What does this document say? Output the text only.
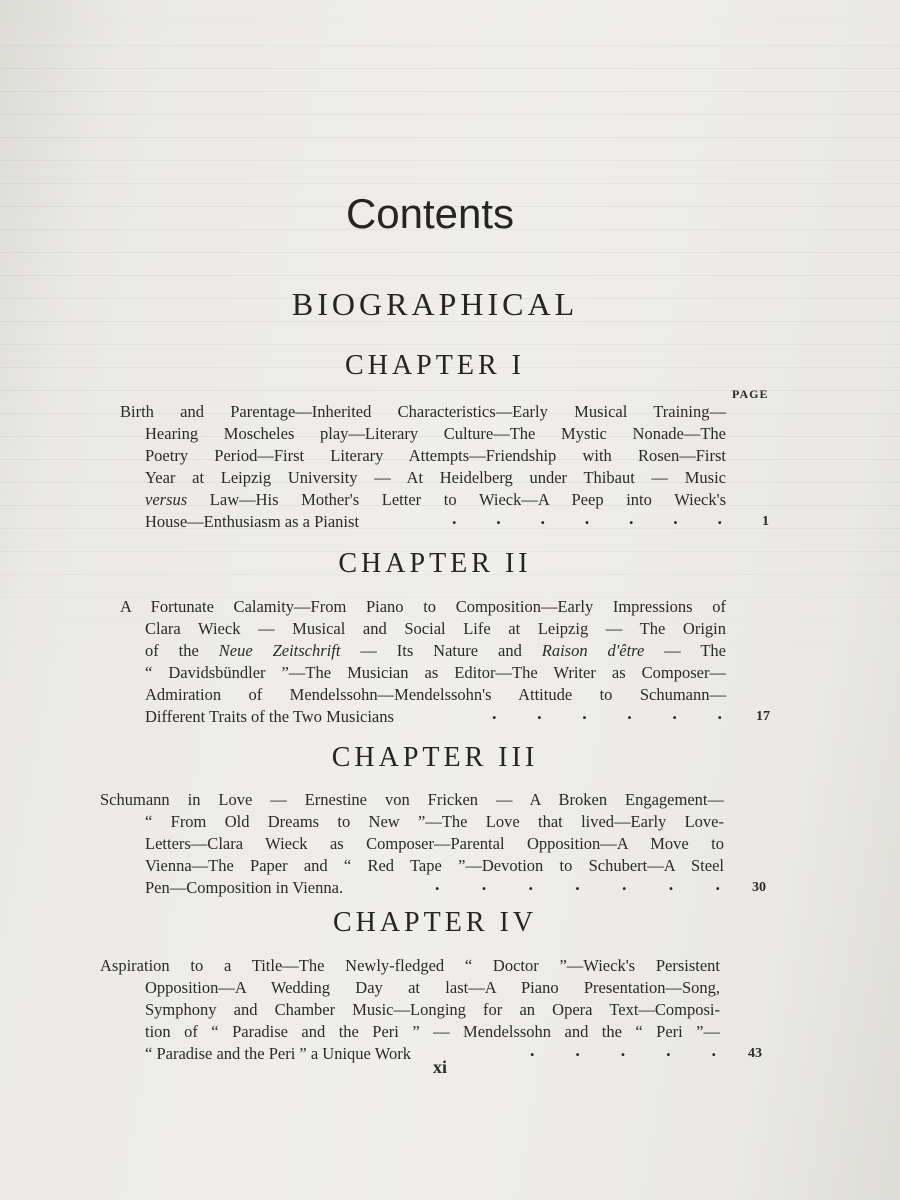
Contents
BIOGRAPHICAL
CHAPTER I
PAGE
Birth and Parentage—Inherited Characteristics—Early Musical Training—
Hearing Moscheles play—Literary Culture—The Mystic Nonade—The
Poetry Period—First Literary Attempts—Friendship with Rosen—First
Year at Leipzig University — At Heidelberg under Thibaut — Music
versus Law—His Mother's Letter to Wieck—A Peep into Wieck's
House—Enthusiasm as a Pianist	. . . . . . .	1
CHAPTER II
A Fortunate Calamity—From Piano to Composition—Early Impressions of
Clara Wieck — Musical and Social Life at Leipzig — The Origin
of the Neue Zeitschrift — Its Nature and Raison d'être — The
“ Davidsbündler ”—The Musician as Editor—The Writer as Composer—
Admiration of Mendelssohn—Mendelssohn's Attitude to Schumann—
Different Traits of the Two Musicians	. . . . . . 17
CHAPTER III
Schumann in Love — Ernestine von Fricken — A Broken Engagement—
“ From Old Dreams to New ”—The Love that lived—Early Love-
Letters—Clara Wieck as Composer—Parental Opposition—A Move to
Vienna—The Paper and “ Red Tape ”—Devotion to Schubert—A Steel
Pen—Composition in Vienna.	. . . . . . . 30
CHAPTER IV
Aspiration to a Title—The Newly-fledged “ Doctor ”—Wieck's Persistent
Opposition—A Wedding Day at last—A Piano Presentation—Song,
Symphony and Chamber Music—Longing for an Opera Text—Composi-
tion of “ Paradise and the Peri ” — Mendelssohn and the “ Peri ”—
“ Paradise and the Peri ” a Unique Work	. . . . . 43
xi
